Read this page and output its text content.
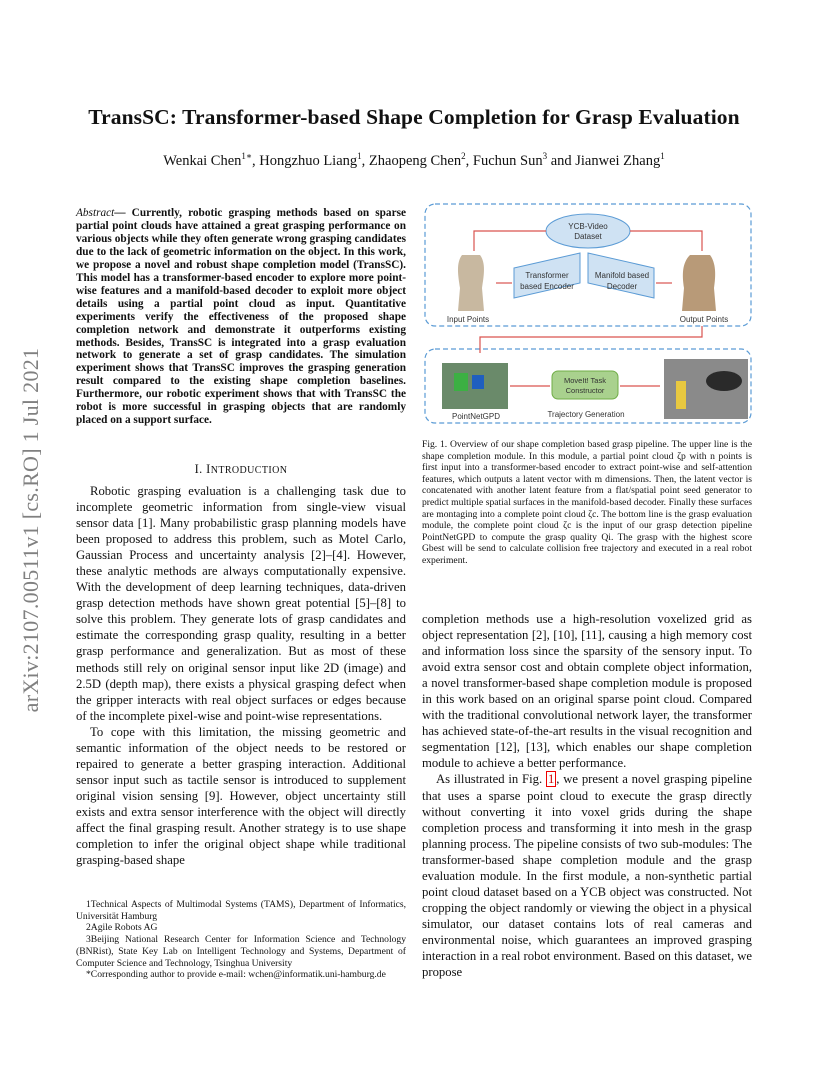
TransSC: Transformer-based Shape Completion for Grasp Evaluation
Wenkai Chen$^{1∗}$, Hongzhuo Liang$^1$, Zhaopeng Chen$^2$, Fuchun Sun$^3$ and Jianwei Zhang$^1$
arXiv:2107.00511v1 [cs.RO] 1 Jul 2021
Abstract— Currently, robotic grasping methods based on sparse partial point clouds have attained a great grasping performance on various objects while they often generate wrong grasping candidates due to the lack of geometric information on the object. In this work, we propose a novel and robust shape completion model (TransSC). This model has a transformer-based encoder to explore more point-wise features and a manifold-based decoder to exploit more object details using a partial point cloud as input. Quantitative experiments verify the effectiveness of the proposed shape completion network and demonstrate it outperforms existing methods. Besides, TransSC is integrated into a grasp evaluation network to generate a set of grasp candidates. The simulation experiment shows that TransSC improves the grasping generation result compared to the existing shape completion baselines. Furthermore, our robotic experiment shows that with TransSC the robot is more successful in grasping objects that are randomly placed on a support surface.
I. INTRODUCTION

Robotic grasping evaluation is a challenging task due to incomplete geometric information from single-view visual sensor data [1]. Many probabilistic grasp planning models have been proposed to address this problem, such as Motel Carlo, Gaussian Process and uncertainty analysis [2]–[4]. However, these analytic methods are always computationally expensive. With the development of deep learning techniques, data-driven grasp detection methods have shown great potential [5]–[8] to solve this problem. They generate lots of grasp candidates and estimate the corresponding grasp quality, resulting in a better grasp performance and generalization. But as most of these methods still rely on original sensor input like 2D (image) and 2.5D (depth map), there exists a physical grasping defect when the gripper interacts with real object surfaces or edges because of the incomplete pixel-wise and point-wise representations.

To cope with this limitation, the missing geometric and semantic information of the object needs to be restored or repaired to generate a better grasping interaction. Additional sensor input such as tactile sensor is introduced to supplement original vision sensing [9]. However, object uncertainty still exists and extra sensor interference with the object will directly affect the final grasping result. Another strategy is to use shape completion to infer the original object shape while traditional grasping-based shape

1Technical Aspects of Multimodal Systems (TAMS), Department of Informatics, Universität Hamburg

2Agile Robots AG

3Beijing National Research Center for Information Science and Technology (BNRist), State Key Lab on Intelligent Technology and Systems, Department of Computer Science and Technology, Tsinghua University

*Corresponding author to provide e-mail: wchen@informatik.uni-hamburg.de

YCB-Video
Dataset
Transformer
based Encoder
Manifold based
Decoder
Input Points	Output Points
PointNetGPD
MoveIt! Task
Constructor
Trajectory Generation
Fig. 1. Overview of our shape completion based grasp pipeline. The upper line is the shape completion module. In this module, a partial point cloud ζp with n points is first input into a transformer-based encoder to extract point-wise and self-attention features, which outputs a latent vector with m dimensions. Then, the latent vector is concatenated with another latent feature from a flat/spatial point seed generator to predict multiple spatial surfaces in the manifold-based decoder. Finally these surfaces are montaging into a complete point cloud ζc. The bottom line is the grasp evaluation module, the complete point cloud ζc is the input of our grasp detection pipeline PointNetGPD to compute the grasp quality Qi. The grasp with the highest score Gbest will be send to calculate collision free trajectory and executed in a real robot experiment.

completion methods use a high-resolution voxelized grid as object representation [2], [10], [11], causing a high memory cost and information loss since the sparsity of the sensory input. To avoid extra sensor cost and obtain complete object information, a novel transformer-based shape completion module is proposed in this work based on an original sparse point cloud. Compared with the traditional convolutional network layer, the transformer has achieved state-of-the-art results in the visual recognition and segmentation [12], [13], which enables our shape completion module to achieve a better performance.

As illustrated in Fig. 1 , we present a novel grasping pipeline that uses a sparse point cloud to execute the grasp directly without converting it into voxel grids during the shape completion process and transforming it into mesh in the grasp planning process. The pipeline consists of two sub-modules: The transformer-based shape completion module and the grasp evaluation module. In the first module, a non-synthetic partial point cloud dataset based on a YCB object was constructed. Not cropping the object randomly or viewing the object in a physical simulator, our dataset contains lots of real cameras and environmental noise, which guarantees an improved grasping interaction in a real robot environment. Based on this dataset, we propose
